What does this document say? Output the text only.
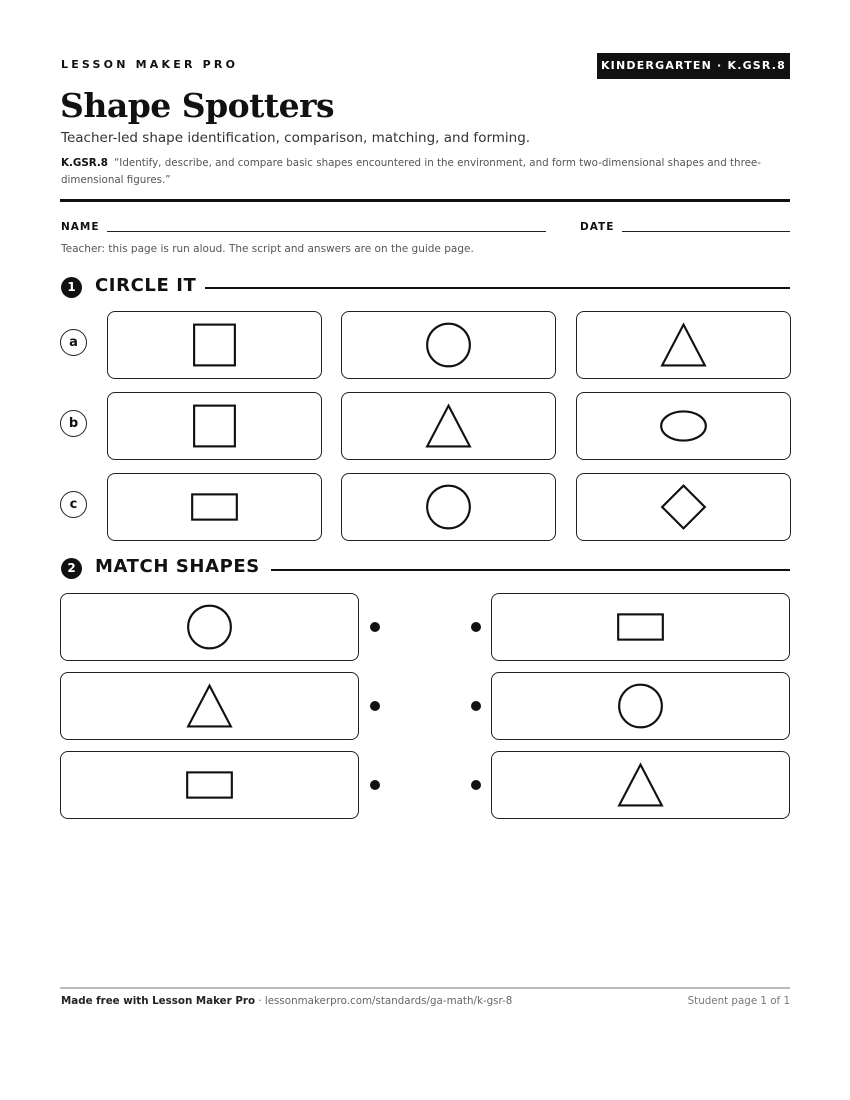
LESSON MAKER PRO	KINDERGARTEN · K.GSR.8
Shape Spotters
Teacher-led shape identification, comparison, matching, and forming.
K.GSR.8 “Identify, describe, and compare basic shapes encountered in the environment, and form two-dimensional shapes and three-dimensional figures.”
NAME	DATE
Teacher: this page is run aloud. The script and answers are on the guide page.
1	CIRCLE IT
a
b
c
2	MATCH SHAPES
Made free with Lesson Maker Pro · lessonmakerpro.com/standards/ga-math/k-gsr-8	Student page 1 of 1
